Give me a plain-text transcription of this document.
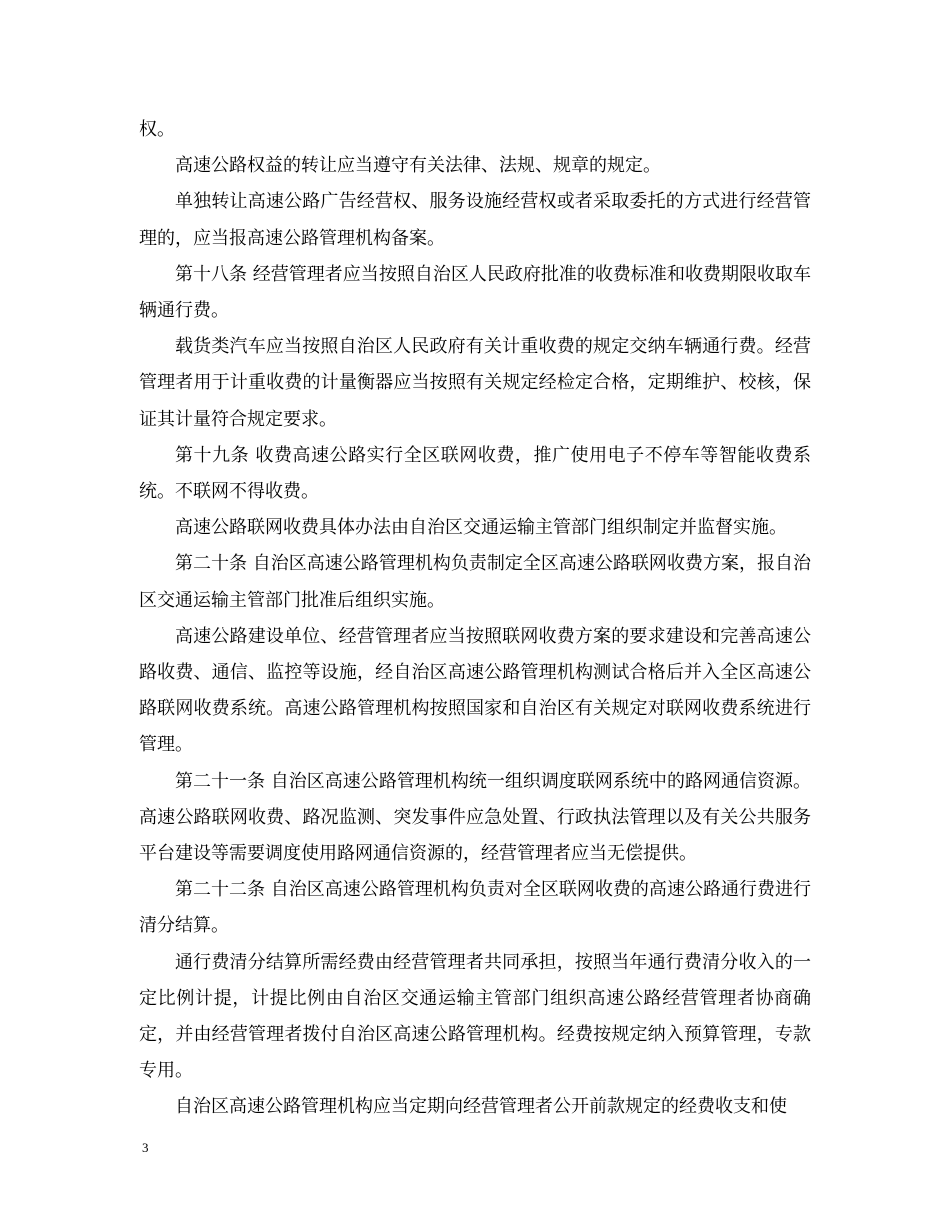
权。

高速公路权益的转让应当遵守有关法律、法规、规章的规定。

单独转让高速公路广告经营权、服务设施经营权或者采取委托的方式进行经营管理的，应当报高速公路管理机构备案。

第十八条 经营管理者应当按照自治区人民政府批准的收费标准和收费期限收取车辆通行费。

载货类汽车应当按照自治区人民政府有关计重收费的规定交纳车辆通行费。经营管理者用于计重收费的计量衡器应当按照有关规定经检定合格，定期维护、校核，保证其计量符合规定要求。

第十九条 收费高速公路实行全区联网收费，推广使用电子不停车等智能收费系统。不联网不得收费。

高速公路联网收费具体办法由自治区交通运输主管部门组织制定并监督实施。

第二十条 自治区高速公路管理机构负责制定全区高速公路联网收费方案，报自治区交通运输主管部门批准后组织实施。

高速公路建设单位、经营管理者应当按照联网收费方案的要求建设和完善高速公路收费、通信、监控等设施，经自治区高速公路管理机构测试合格后并入全区高速公路联网收费系统。高速公路管理机构按照国家和自治区有关规定对联网收费系统进行管理。

第二十一条 自治区高速公路管理机构统一组织调度联网系统中的路网通信资源。高速公路联网收费、路况监测、突发事件应急处置、行政执法管理以及有关公共服务平台建设等需要调度使用路网通信资源的，经营管理者应当无偿提供。

第二十二条 自治区高速公路管理机构负责对全区联网收费的高速公路通行费进行清分结算。

通行费清分结算所需经费由经营管理者共同承担，按照当年通行费清分收入的一定比例计提，计提比例由自治区交通运输主管部门组织高速公路经营管理者协商确定，并由经营管理者拨付自治区高速公路管理机构。经费按规定纳入预算管理，专款专用。

自治区高速公路管理机构应当定期向经营管理者公开前款规定的经费收支和使

3
